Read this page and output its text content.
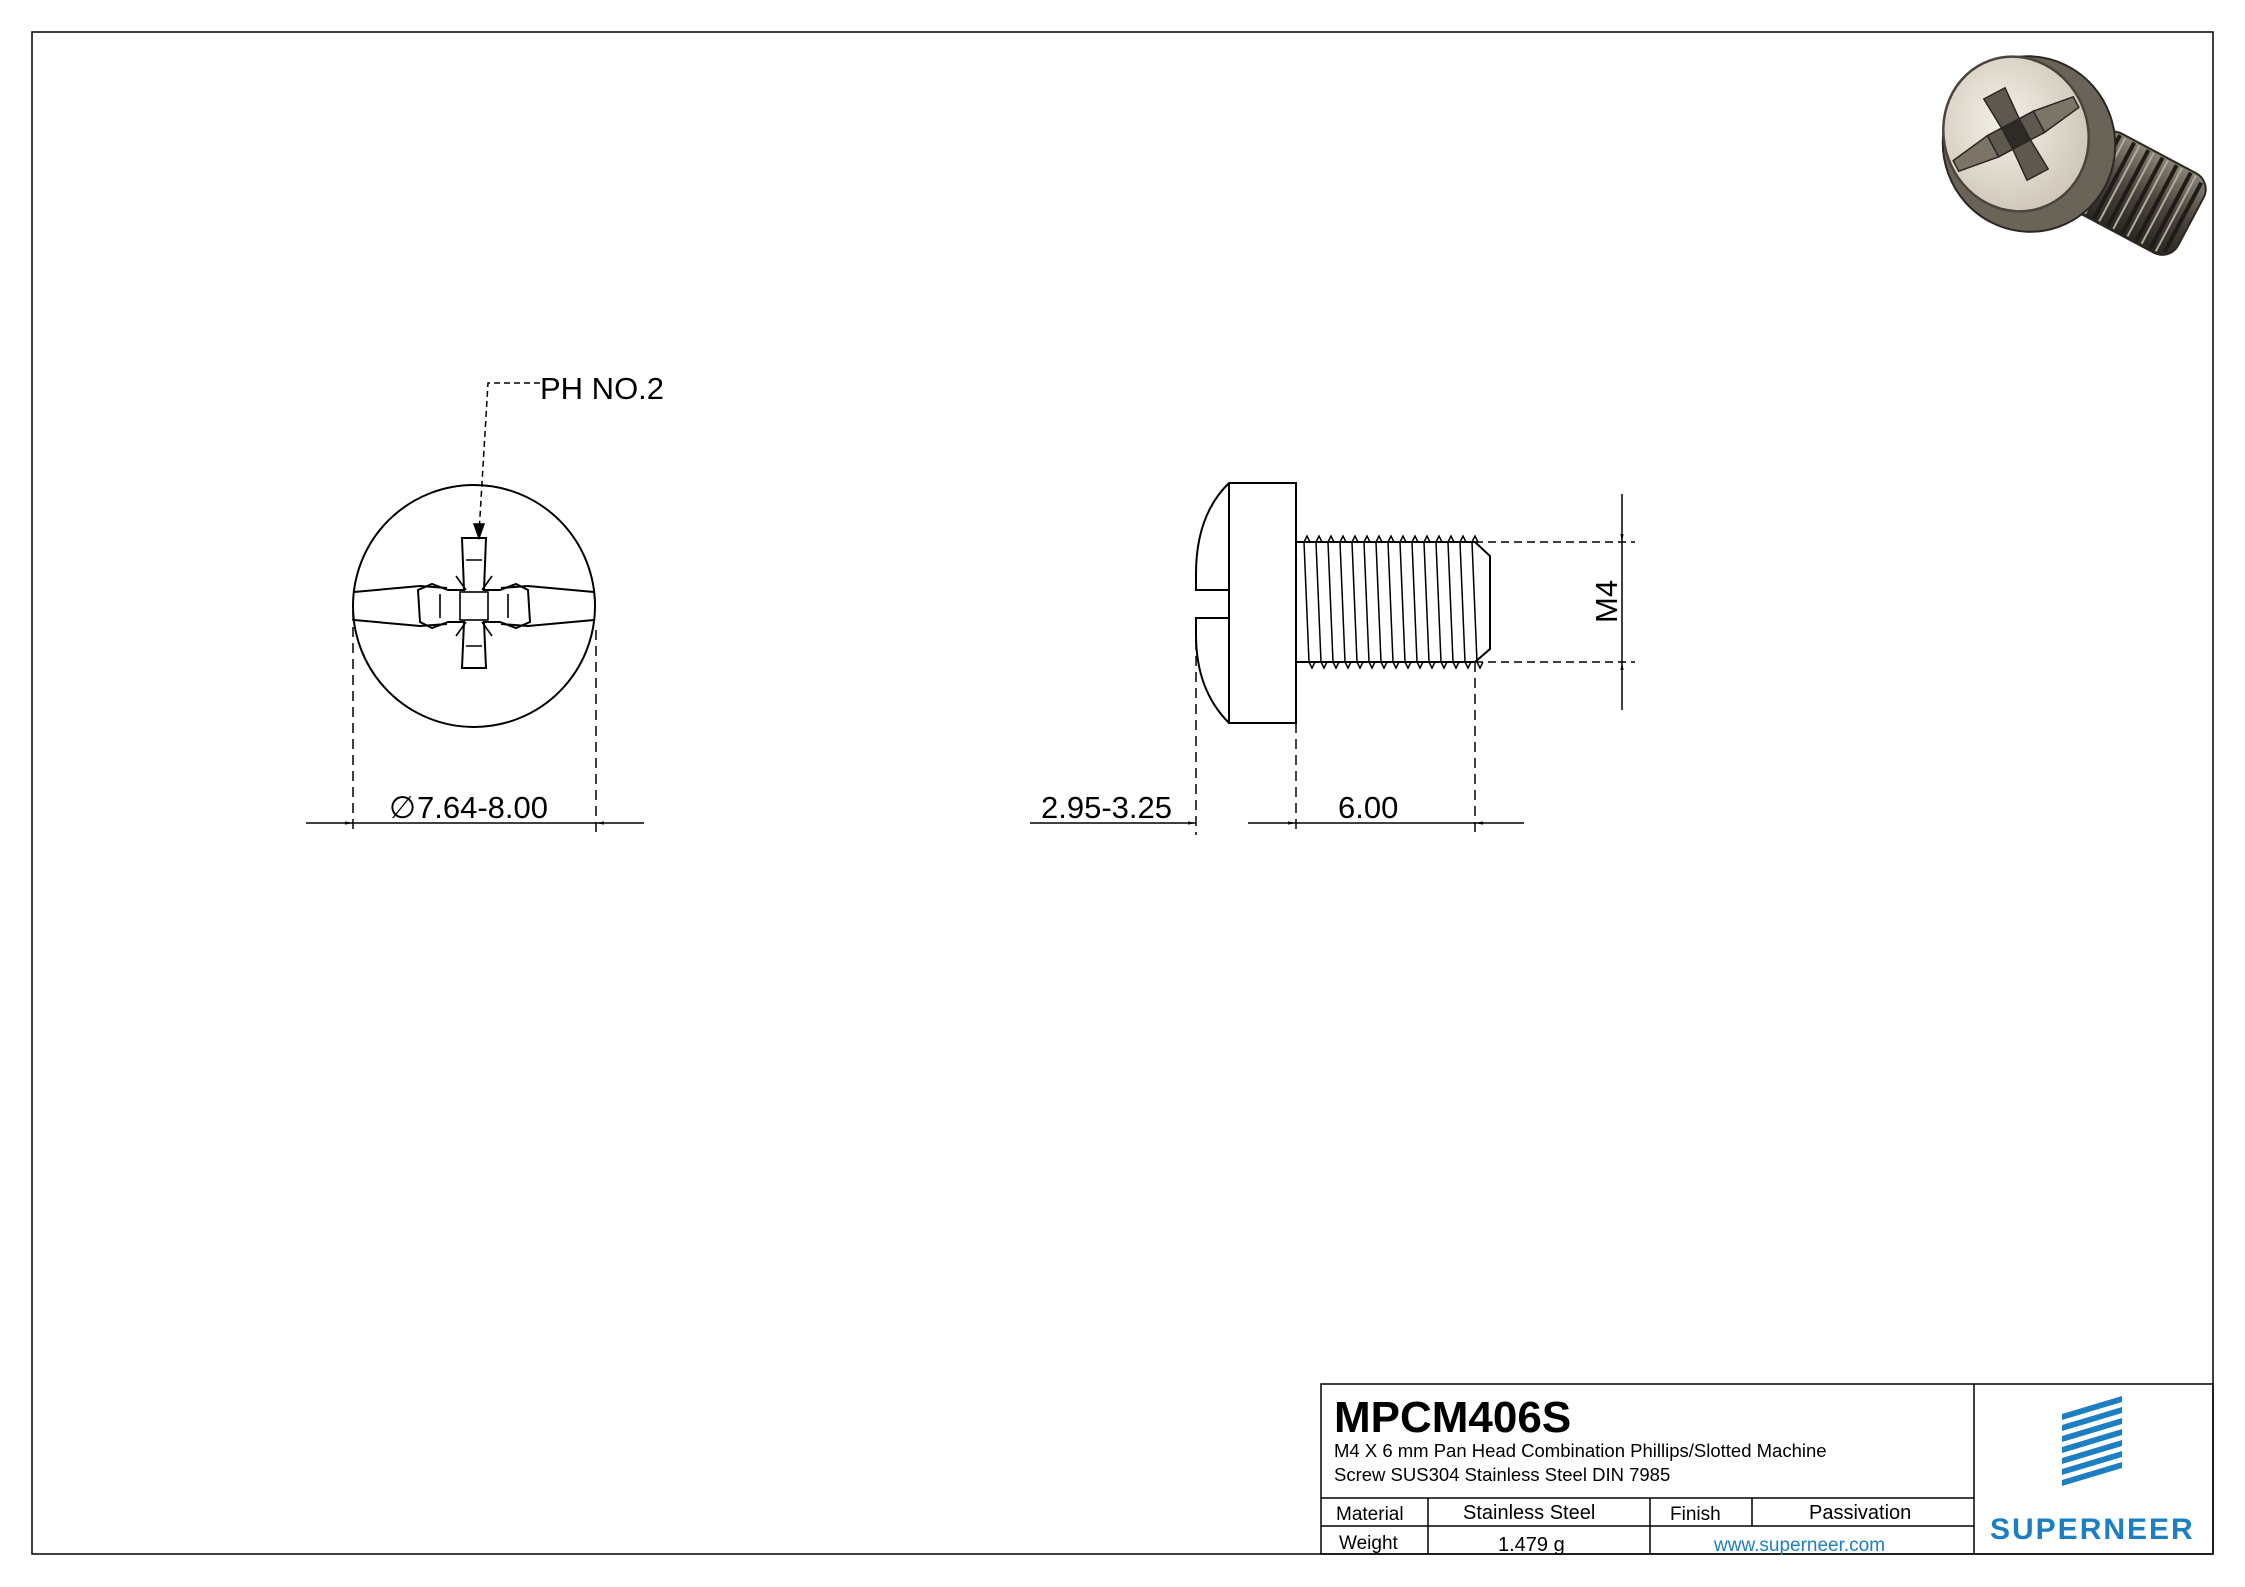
PH NO.2
∅ 7.64-8.00
M4
2.95-3.25	6.00
MPCM406S
M4 X 6 mm Pan Head Combination Phillips/Slotted Machine
Screw SUS304 Stainless Steel DIN 7985
Material	Stainless Steel	Finish	Passivation
Weight	1.479 g	www.superneer.com	SUPERNEER
